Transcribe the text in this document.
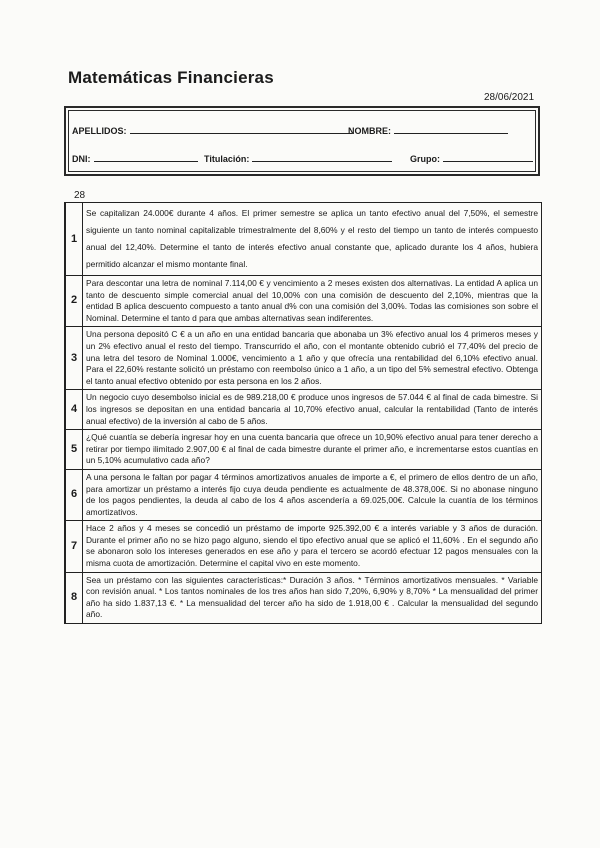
Matemáticas Financieras
28/06/2021
APELLIDOS:	NOMBRE:
DNI:	Titulación:	Grupo:
28
1	Se capitalizan 24.000€ durante 4 años. El primer semestre se aplica un tanto efectivo anual del 7,50%, el semestre siguiente un tanto nominal capitalizable trimestralmente del 8,60% y el resto del tiempo un tanto de interés compuesto anual del 12,40%. Determine el tanto de interés efectivo anual constante que, aplicado durante los 4 años, hubiera permitido alcanzar el mismo montante final.
2	Para descontar una letra de nominal 7.114,00 € y vencimiento a 2 meses existen dos alternativas. La entidad A aplica un tanto de descuento simple comercial anual del 10,00% con una comisión de descuento del 2,10%, mientras que la entidad B aplica descuento compuesto a tanto anual d% con una comisión del 3,00%. Todas las comisiones son sobre el Nominal. Determine el tanto d para que ambas alternativas sean indiferentes.
3	Una persona depositó C € a un año en una entidad bancaria que abonaba un 3% efectivo anual los 4 primeros meses y un 2% efectivo anual el resto del tiempo. Transcurrido el año, con el montante obtenido cubrió el 77,40% del precio de una letra del tesoro de Nominal 1.000€, vencimiento a 1 año y que ofrecía una rentabilidad del 6,10% efectivo anual. Para el 22,60% restante solicitó un préstamo con reembolso único a 1 año, a un tipo del 5% semestral efectivo. Obtenga el tanto anual efectivo obtenido por esta persona en los 2 años.
4	Un negocio cuyo desembolso inicial es de 989.218,00 € produce unos ingresos de 57.044 € al final de cada bimestre. Si los ingresos se depositan en una entidad bancaria al 10,70% efectivo anual, calcular la rentabilidad (Tanto de interés anual efectivo) de la inversión al cabo de 5 años.
5	¿Qué cuantía se debería ingresar hoy en una cuenta bancaria que ofrece un 10,90% efectivo anual para tener derecho a retirar por tiempo ilimitado 2.907,00 € al final de cada bimestre durante el primer año, e incrementarse estos cuantías en un 5,10% acumulativo cada año?
6	A una persona le faltan por pagar 4 términos amortizativos anuales de importe a €, el primero de ellos dentro de un año, para amortizar un préstamo a interés fijo cuya deuda pendiente es actualmente de 48.378,00€. Si no abonase ninguno de los pagos pendientes, la deuda al cabo de los 4 años ascendería a 69.025,00€. Calcule la cuantía de los términos amortizativos.
7	Hace 2 años y 4 meses se concedió un préstamo de importe 925.392,00 € a interés variable y 3 años de duración. Durante el primer año no se hizo pago alguno, siendo el tipo efectivo anual que se aplicó el 11,60% . En el segundo año se abonaron solo los intereses generados en ese año y para el tercero se acordó efectuar 12 pagos mensuales con la misma cuota de amortización. Determine el capital vivo en este momento.
8	Sea un préstamo con las siguientes características:* Duración 3 años. * Términos amortizativos mensuales. * Variable con revisión anual. * Los tantos nominales de los tres años han sido 7,20%, 6,90% y 8,70% * La mensualidad del primer año ha sido 1.837,13 €. * La mensualidad del tercer año ha sido de 1.918,00 € . Calcular la mensualidad del segundo año.
